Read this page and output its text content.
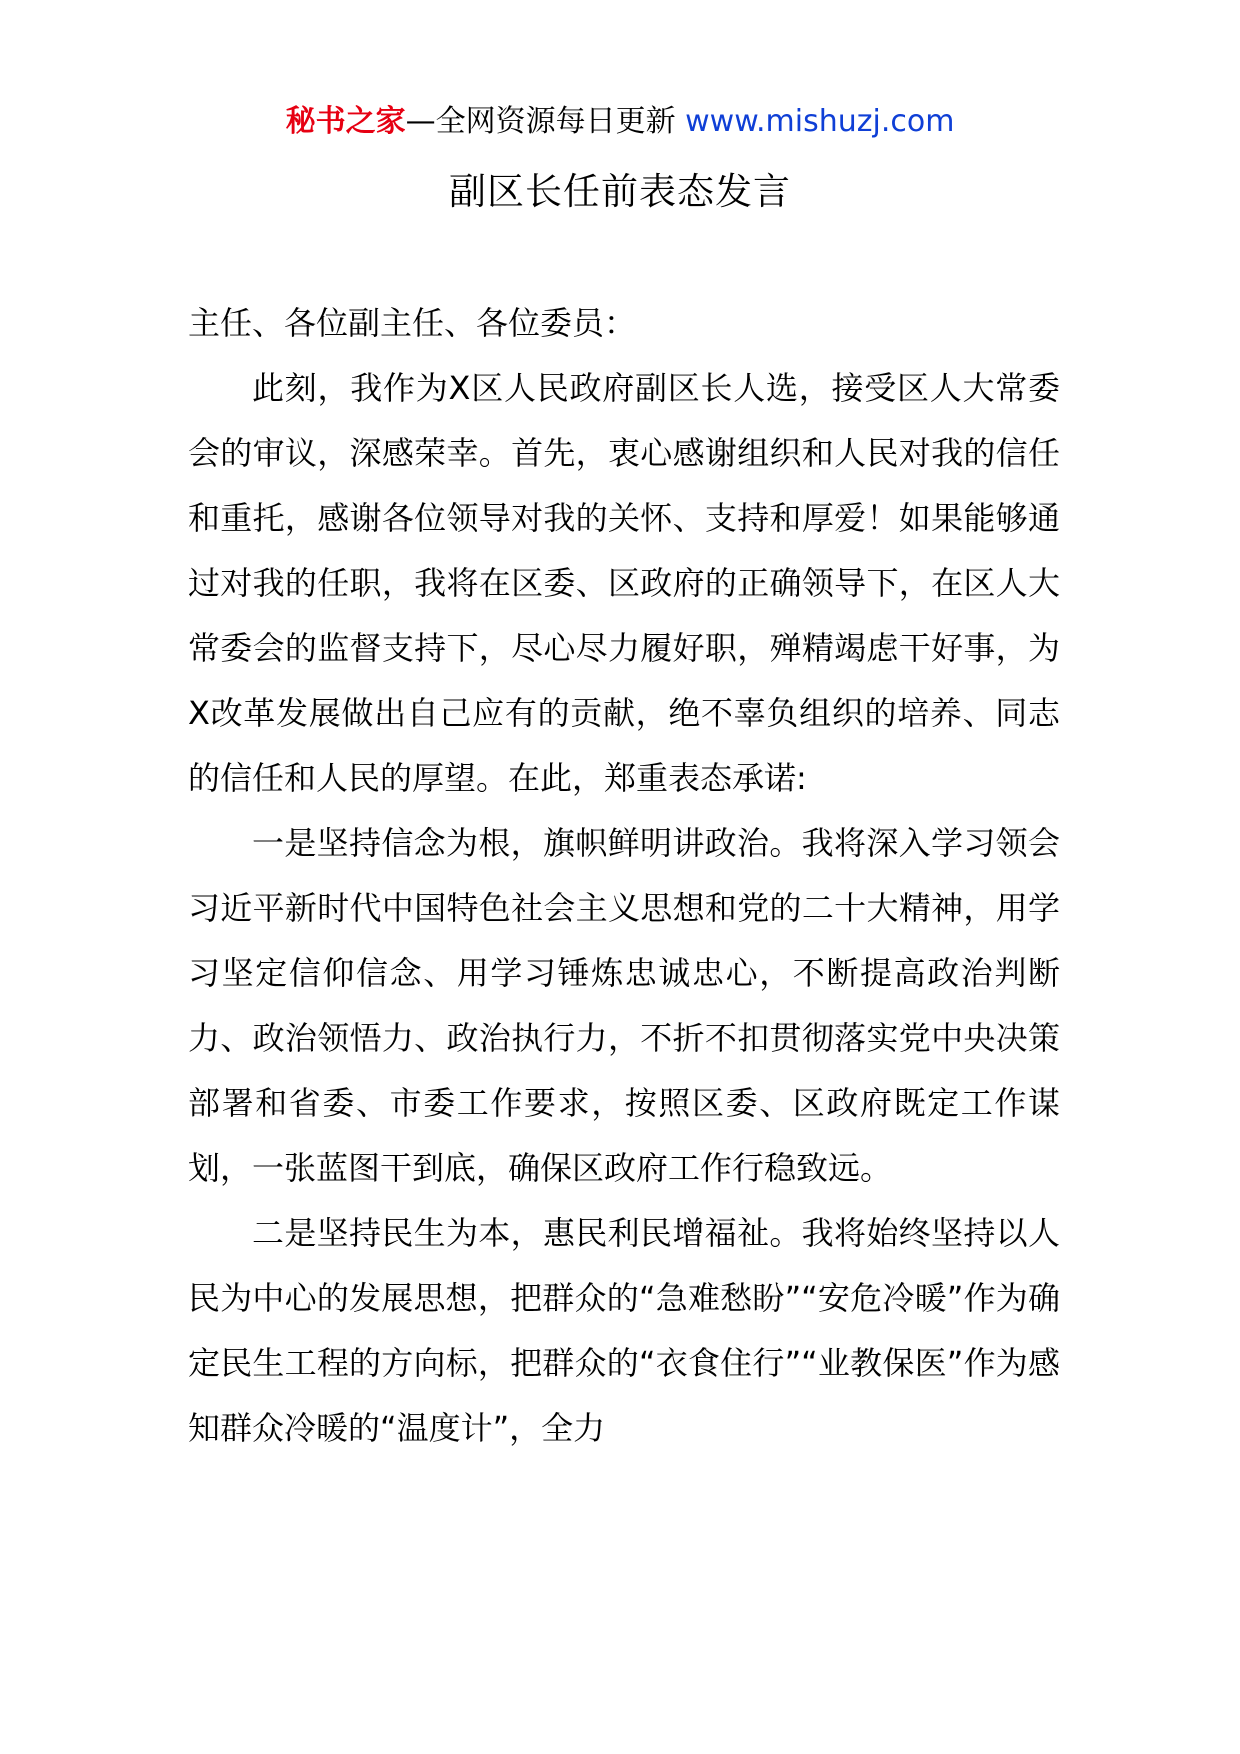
秘书之家—全网资源每日更新 www.mishuzj.com
副区长任前表态发言

主任、各位副主任、各位委员：

此刻，我作为X区人民政府副区长人选，接受区人大常委会的审议，深感荣幸。首先，衷心感谢组织和人民对我的信任和重托，感谢各位领导对我的关怀、支持和厚爱！如果能够通过对我的任职，我将在区委、区政府的正确领导下，在区人大常委会的监督支持下，尽心尽力履好职，殚精竭虑干好事，为X改革发展做出自己应有的贡献，绝不辜负组织的培养、同志的信任和人民的厚望。在此，郑重表态承诺:

一是坚持信念为根，旗帜鲜明讲政治。我将深入学习领会习近平新时代中国特色社会主义思想和党的二十大精神，用学习坚定信仰信念、用学习锤炼忠诚忠心，不断提高政治判断力、政治领悟力、政治执行力，不折不扣贯彻落实党中央决策部署和省委、市委工作要求，按照区委、区政府既定工作谋划，一张蓝图干到底，确保区政府工作行稳致远。

二是坚持民生为本，惠民利民增福祉。我将始终坚持以人民为中心的发展思想，把群众的“急难愁盼”“安危冷暖”作为确定民生工程的方向标，把群众的“衣食住行”“业教保医”作为感知群众冷暖的“温度计”，全力
